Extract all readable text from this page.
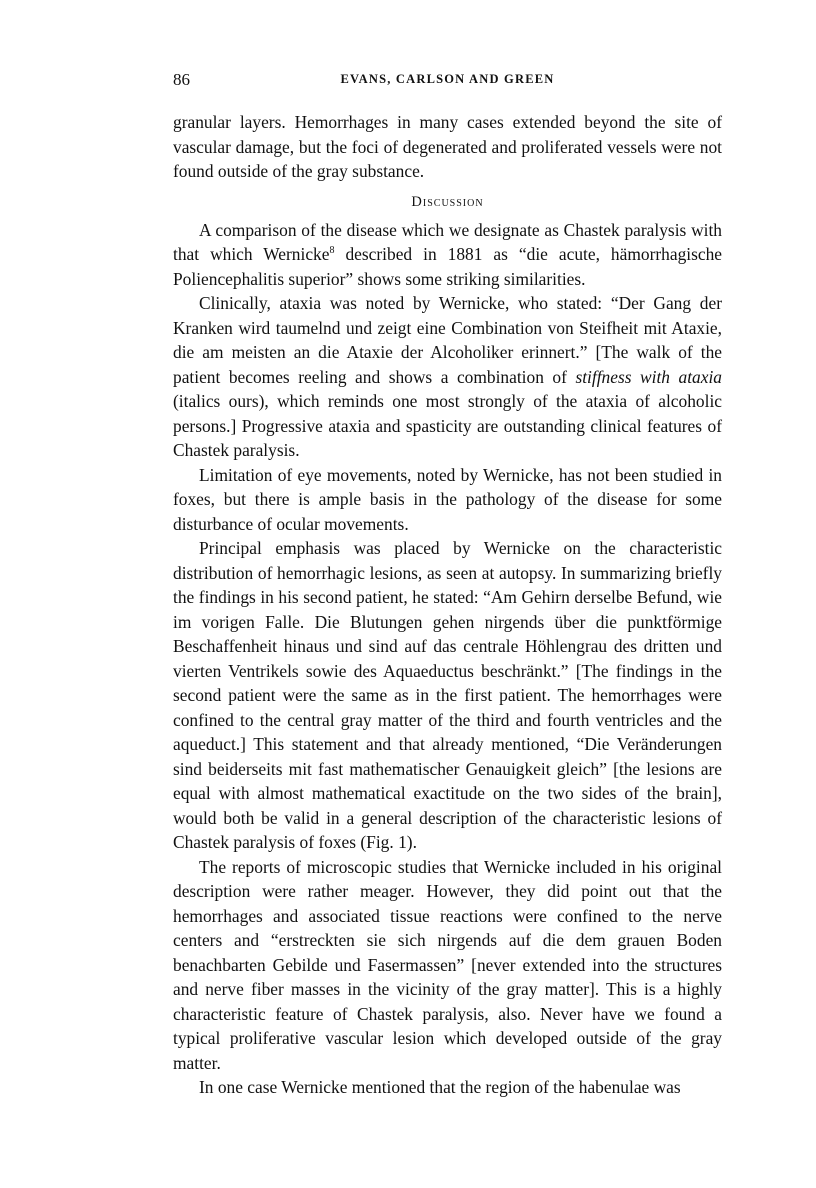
86	EVANS, CARLSON AND GREEN

granular layers. Hemorrhages in many cases extended beyond the site of vascular damage, but the foci of degenerated and proliferated vessels were not found outside of the gray substance.

Discussion

A comparison of the disease which we designate as Chastek paralysis with that which Wernicke$^8$ described in 1881 as “die acute, hämorrhagische Poliencephalitis superior” shows some striking similarities.

Clinically, ataxia was noted by Wernicke, who stated: “Der Gang der Kranken wird taumelnd und zeigt eine Combination von Steifheit mit Ataxie, die am meisten an die Ataxie der Alcoholiker erinnert.” [The walk of the patient becomes reeling and shows a combination of stiffness with ataxia (italics ours), which reminds one most strongly of the ataxia of alcoholic persons.] Progressive ataxia and spasticity are outstanding clinical features of Chastek paralysis.

Limitation of eye movements, noted by Wernicke, has not been studied in foxes, but there is ample basis in the pathology of the disease for some disturbance of ocular movements.

Principal emphasis was placed by Wernicke on the characteristic distribution of hemorrhagic lesions, as seen at autopsy. In summarizing briefly the findings in his second patient, he stated: “Am Gehirn derselbe Befund, wie im vorigen Falle. Die Blutungen gehen nirgends über die punktförmige Beschaffenheit hinaus und sind auf das centrale Höhlengrau des dritten und vierten Ventrikels sowie des Aquaeductus beschränkt.” [The findings in the second patient were the same as in the first patient. The hemorrhages were confined to the central gray matter of the third and fourth ventricles and the aqueduct.] This statement and that already mentioned, “Die Veränderungen sind beiderseits mit fast mathematischer Genauigkeit gleich” [the lesions are equal with almost mathematical exactitude on the two sides of the brain], would both be valid in a general description of the characteristic lesions of Chastek paralysis of foxes (Fig. 1).

The reports of microscopic studies that Wernicke included in his original description were rather meager. However, they did point out that the hemorrhages and associated tissue reactions were confined to the nerve centers and “erstreckten sie sich nirgends auf die dem grauen Boden benachbarten Gebilde und Fasermassen” [never extended into the structures and nerve fiber masses in the vicinity of the gray matter]. This is a highly characteristic feature of Chastek paralysis, also. Never have we found a typical proliferative vascular lesion which developed outside of the gray matter.

In one case Wernicke mentioned that the region of the habenulae was
